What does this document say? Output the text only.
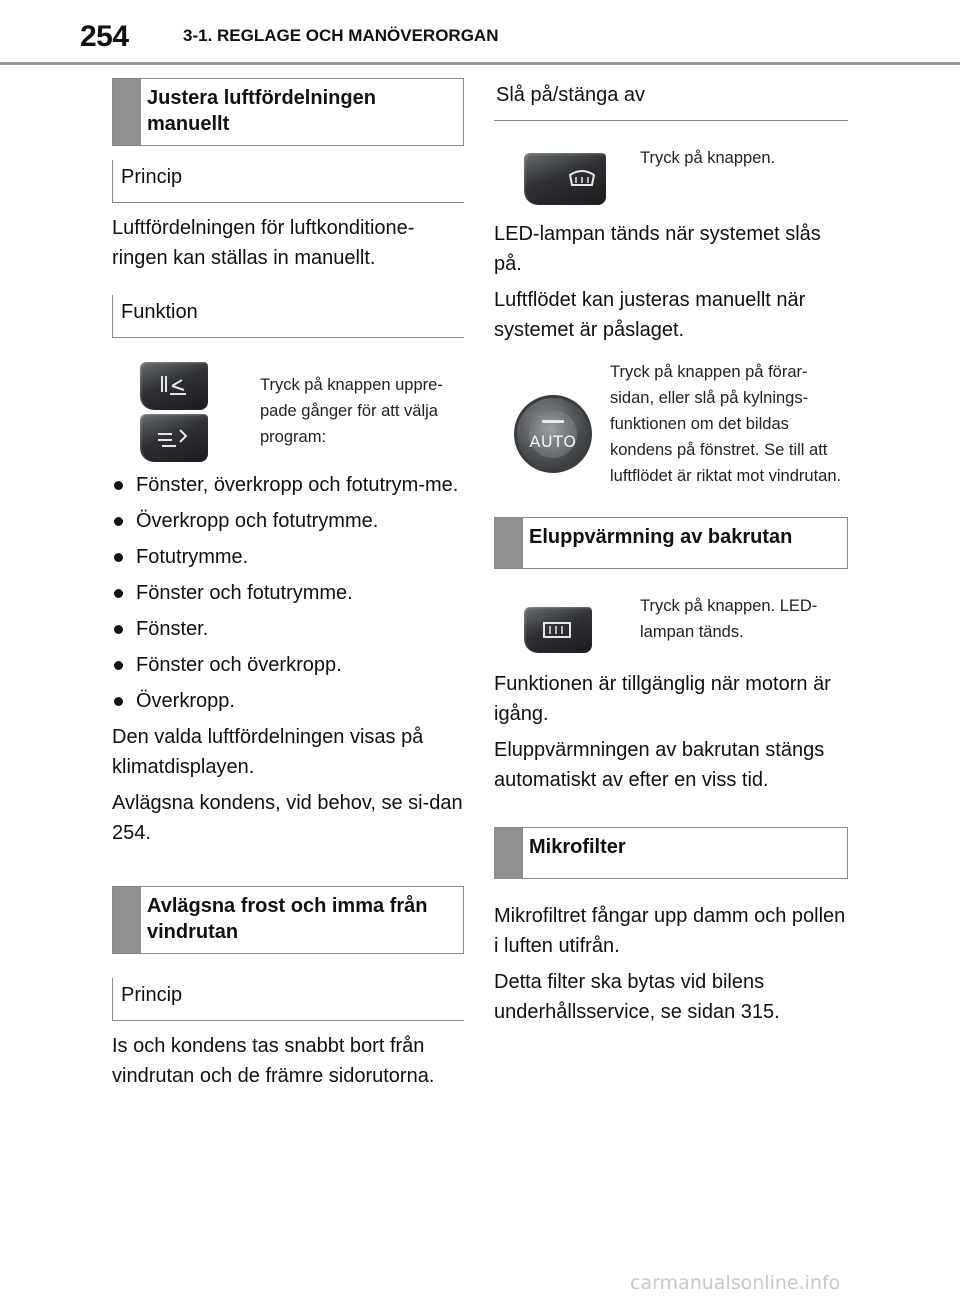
254	3-1. REGLAGE OCH MANÖVERORGAN
Justera luftfördelningen manuellt
Princip
Luftfördelningen för luftkonditione-ringen kan ställas in manuellt.
Funktion
Tryck på knappen uppre-pade gånger för att välja program:
Fönster, överkropp och fotutrym-me.
Överkropp och fotutrymme.
Fotutrymme.
Fönster och fotutrymme.
Fönster.
Fönster och överkropp.
Överkropp.
Den valda luftfördelningen visas på klimatdisplayen.
Avlägsna kondens, vid behov, se si-dan 254.
Avlägsna frost och imma från vindrutan
Princip
Is och kondens tas snabbt bort från vindrutan och de främre sidorutorna.
Slå på/stänga av
Tryck på knappen.
LED-lampan tänds när systemet slås på.
Luftflödet kan justeras manuellt när systemet är påslaget.
AUTO
Tryck på knappen på förar-sidan, eller slå på kylnings-funktionen om det bildas kondens på fönstret. Se till att luftflödet är riktat mot vindrutan.
Eluppvärmning av bakrutan
Tryck på knappen. LED-lampan tänds.
Funktionen är tillgänglig när motorn är igång.
Eluppvärmningen av bakrutan stängs automatiskt av efter en viss tid.
Mikrofilter
Mikrofiltret fångar upp damm och pollen i luften utifrån.
Detta filter ska bytas vid bilens underhållsservice, se sidan 315.
carmanualsonline.info
